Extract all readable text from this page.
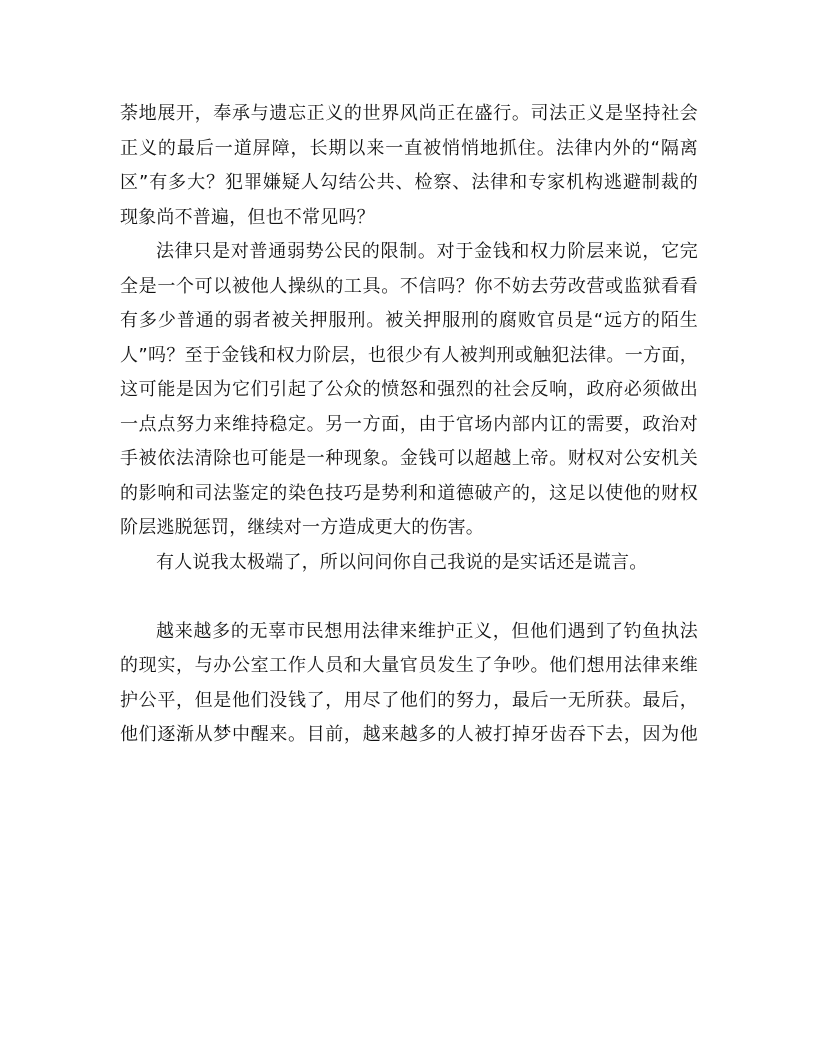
荼地展开，奉承与遗忘正义的世界风尚正在盛行。司法正义是坚持社会
正义的最后一道屏障，长期以来一直被悄悄地抓住。法律内外的“隔离
区”有多大？犯罪嫌疑人勾结公共、检察、法律和专家机构逃避制裁的
现象尚不普遍，但也不常见吗？
法律只是对普通弱势公民的限制。对于金钱和权力阶层来说，它完
全是一个可以被他人操纵的工具。不信吗？你不妨去劳改营或监狱看看
有多少普通的弱者被关押服刑。被关押服刑的腐败官员是“远方的陌生
人”吗？至于金钱和权力阶层，也很少有人被判刑或触犯法律。一方面，
这可能是因为它们引起了公众的愤怒和强烈的社会反响，政府必须做出
一点点努力来维持稳定。另一方面，由于官场内部内讧的需要，政治对
手被依法清除也可能是一种现象。金钱可以超越上帝。财权对公安机关
的影响和司法鉴定的染色技巧是势利和道德破产的，这足以使他的财权
阶层逃脱惩罚，继续对一方造成更大的伤害。
有人说我太极端了，所以问问你自己我说的是实话还是谎言。
越来越多的无辜市民想用法律来维护正义，但他们遇到了钓鱼执法
的现实，与办公室工作人员和大量官员发生了争吵。他们想用法律来维
护公平，但是他们没钱了，用尽了他们的努力，最后一无所获。最后，
他们逐渐从梦中醒来。目前，越来越多的人被打掉牙齿吞下去，因为他
